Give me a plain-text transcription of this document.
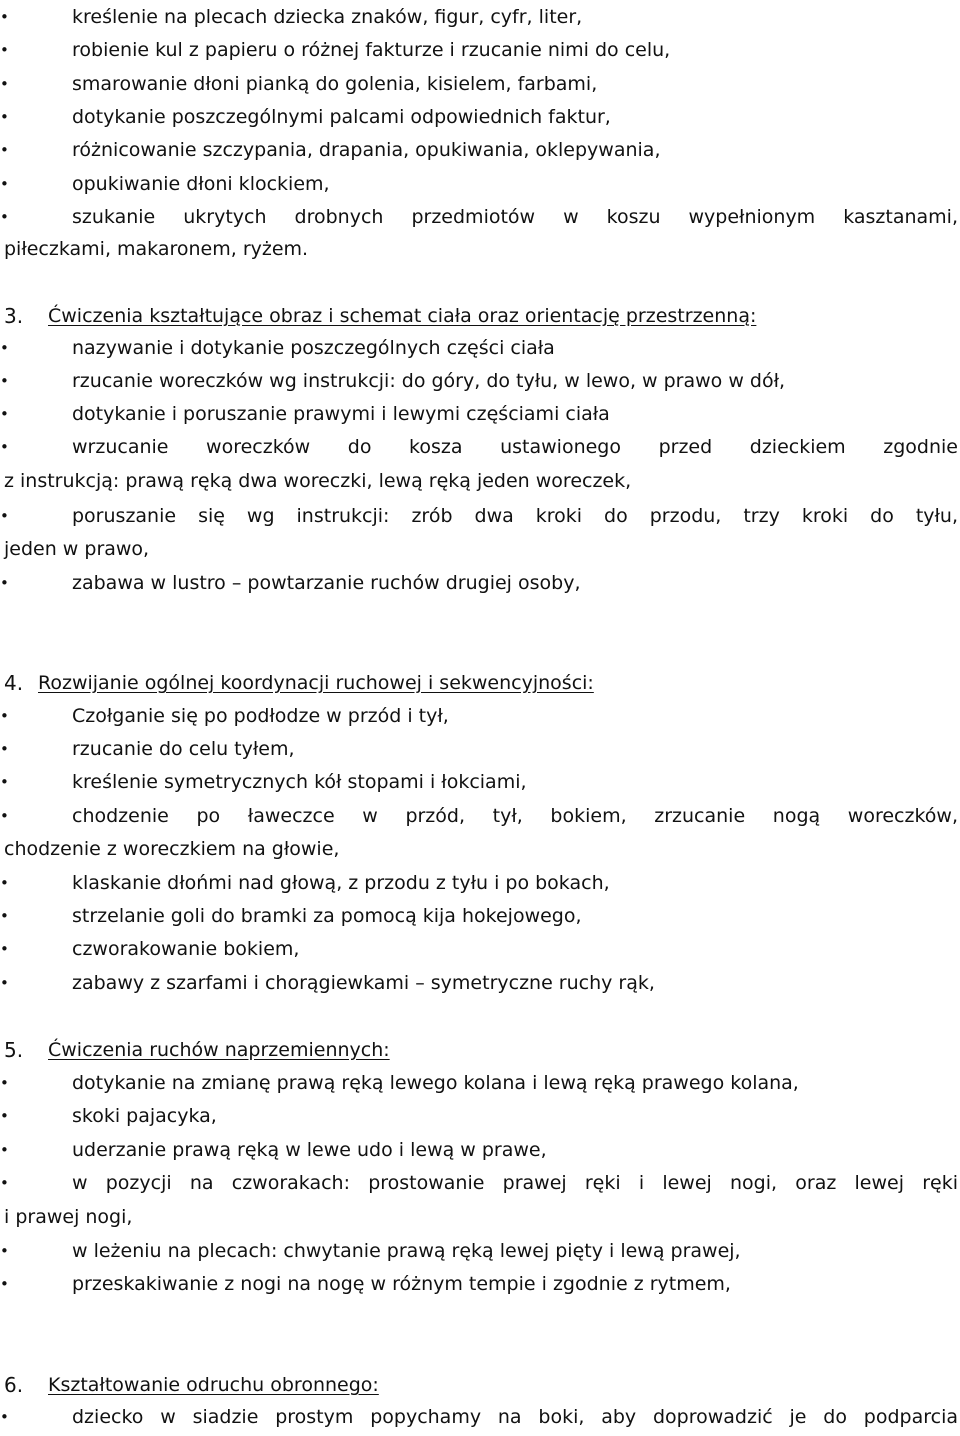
•	kreślenie na plecach dziecka znaków, figur, cyfr, liter,
•	robienie kul z papieru o różnej fakturze i rzucanie nimi do celu,
•	smarowanie dłoni pianką do golenia, kisielem, farbami,
•	dotykanie poszczególnymi palcami odpowiednich faktur,
•	różnicowanie szczypania, drapania, opukiwania, oklepywania,
•	opukiwanie dłoni klockiem,
•	szukanie ukrytych drobnych przedmiotów w koszu wypełnionym kasztanami,
piłeczkami, makaronem, ryżem.
3. Ćwiczenia kształtujące obraz i schemat ciała oraz orientację przestrzenną:
•	nazywanie i dotykanie poszczególnych części ciała
•	rzucanie woreczków wg instrukcji: do góry, do tyłu, w lewo, w prawo w dół,
•	dotykanie i poruszanie prawymi i lewymi częściami ciała
•	wrzucanie woreczków do kosza ustawionego przed dzieckiem zgodnie
z instrukcją: prawą ręką dwa woreczki, lewą ręką jeden woreczek,
•	poruszanie się wg instrukcji: zrób dwa kroki do przodu, trzy kroki do tyłu,
jeden w prawo,
•	zabawa w lustro – powtarzanie ruchów drugiej osoby,
4. Rozwijanie ogólnej koordynacji ruchowej i sekwencyjności:
•	Czołganie się po podłodze w przód i tył,
•	rzucanie do celu tyłem,
•	kreślenie symetrycznych kół stopami i łokciami,
•	chodzenie po ławeczce w przód, tył, bokiem, zrzucanie nogą woreczków,
chodzenie z woreczkiem na głowie,
•	klaskanie dłońmi nad głową, z przodu z tyłu i po bokach,
•	strzelanie goli do bramki za pomocą kija hokejowego,
•	czworakowanie bokiem,
•	zabawy z szarfami i chorągiewkami – symetryczne ruchy rąk,
5. Ćwiczenia ruchów naprzemiennych:
•	dotykanie na zmianę prawą ręką lewego kolana i lewą ręką prawego kolana,
•	skoki pajacyka,
•	uderzanie prawą ręką w lewe udo i lewą w prawe,
•	w pozycji na czworakach: prostowanie prawej ręki i lewej nogi, oraz lewej ręki
i prawej nogi,
•	w leżeniu na plecach: chwytanie prawą ręką lewej pięty i lewą prawej,
•	przeskakiwanie z nogi na nogę w różnym tempie i zgodnie z rytmem,
6. Kształtowanie odruchu obronnego:
•	dziecko w siadzie prostym popychamy na boki, aby doprowadzić je do podparcia
